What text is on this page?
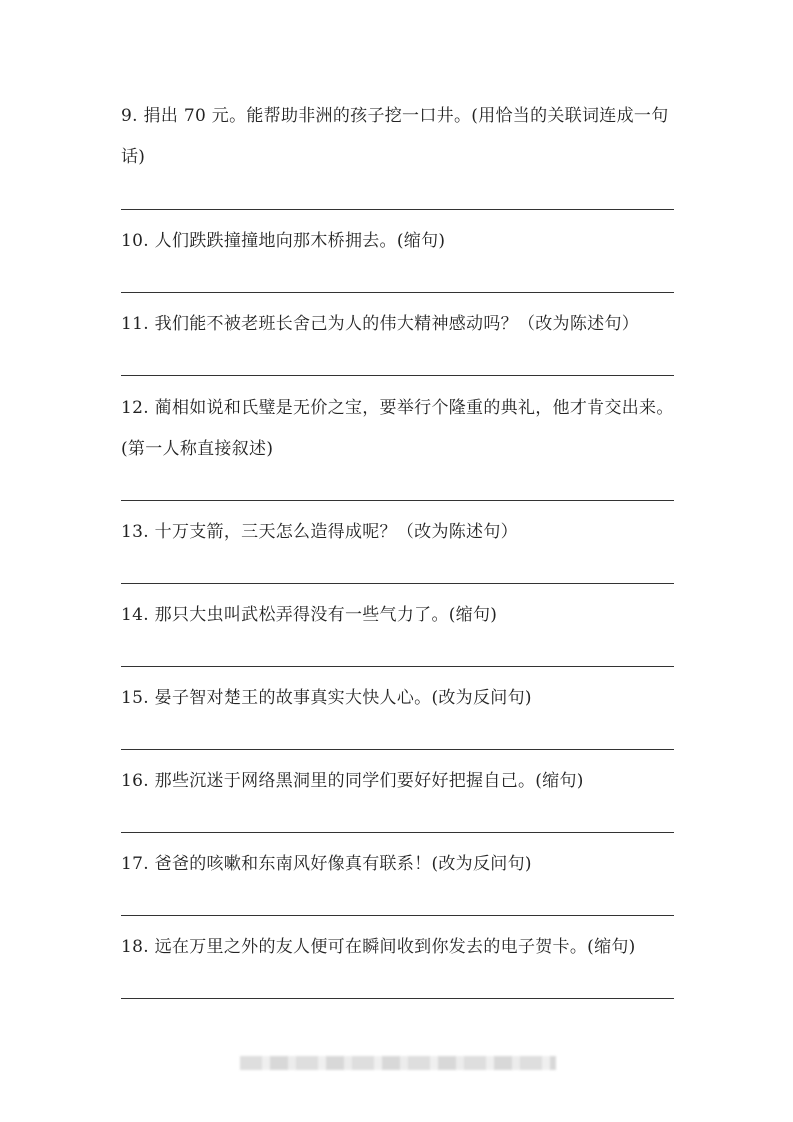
9. 捐出 70 元。能帮助非洲的孩子挖一口井。(用恰当的关联词连成一句话)
10. 人们跌跌撞撞地向那木桥拥去。(缩句)
11. 我们能不被老班长舍己为人的伟大精神感动吗？（改为陈述句）
12. 蔺相如说和氏璧是无价之宝，要举行个隆重的典礼，他才肯交出来。(第一人称直接叙述)
13. 十万支箭，三天怎么造得成呢？（改为陈述句）
14. 那只大虫叫武松弄得没有一些气力了。(缩句)
15. 晏子智对楚王的故事真实大快人心。(改为反问句)
16. 那些沉迷于网络黑洞里的同学们要好好把握自己。(缩句)
17. 爸爸的咳嗽和东南风好像真有联系！(改为反问句)
18. 远在万里之外的友人便可在瞬间收到你发去的电子贺卡。(缩句)
